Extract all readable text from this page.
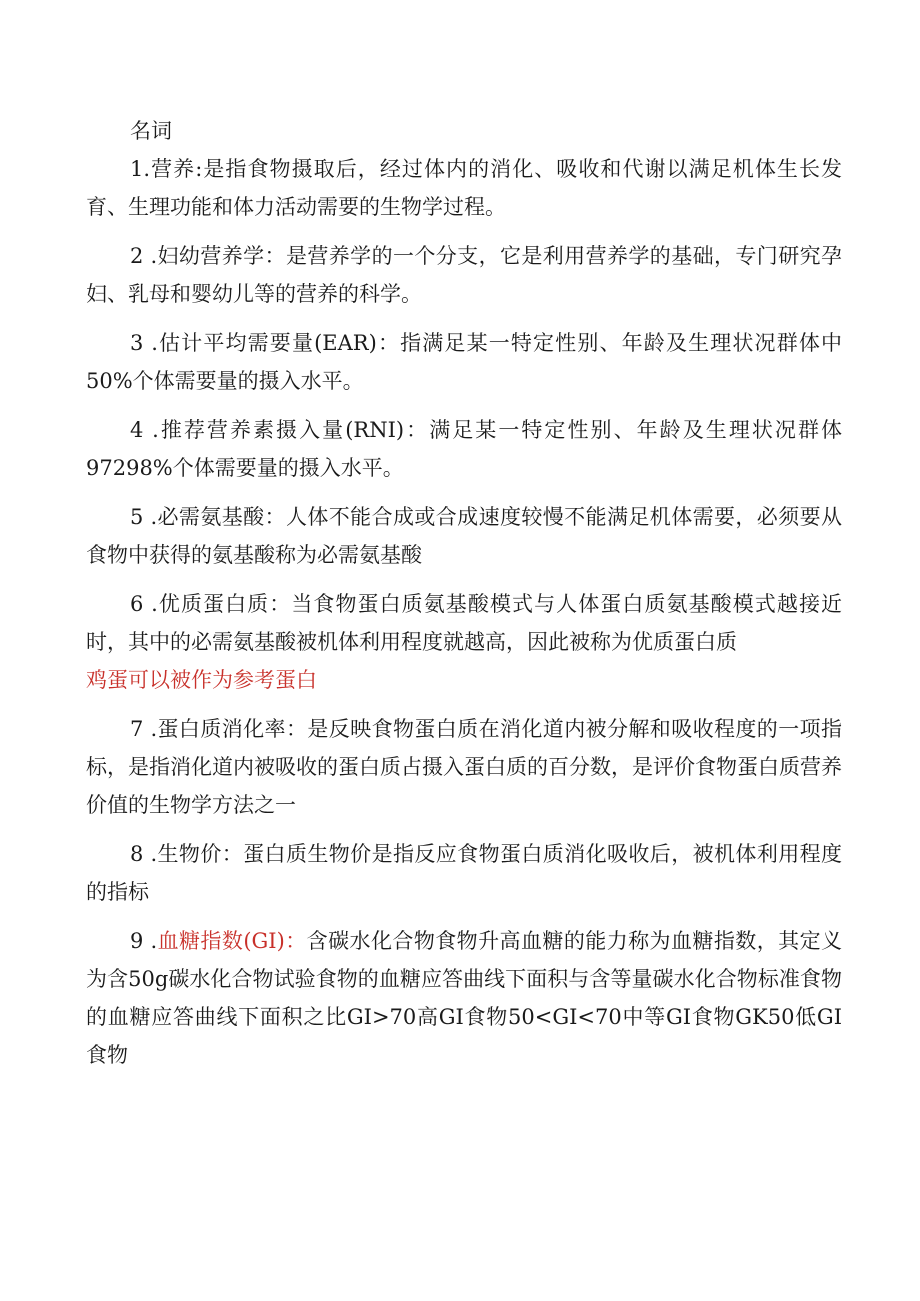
名词

1.营养:是指食物摄取后，经过体内的消化、吸收和代谢以满足机体生长发育、生理功能和体力活动需要的生物学过程。

2 .妇幼营养学：是营养学的一个分支，它是利用营养学的基础，专门研究孕妇、乳母和婴幼儿等的营养的科学。

3 .估计平均需要量(EAR)：指满足某一特定性别、年龄及生理状况群体中50%个体需要量的摄入水平。

4 .推荐营养素摄入量(RNI)：满足某一特定性别、年龄及生理状况群体97298%个体需要量的摄入水平。

5 .必需氨基酸：人体不能合成或合成速度较慢不能满足机体需要，必须要从食物中获得的氨基酸称为必需氨基酸

6 .优质蛋白质：当食物蛋白质氨基酸模式与人体蛋白质氨基酸模式越接近时，其中的必需氨基酸被机体利用程度就越高，因此被称为优质蛋白质
鸡蛋可以被作为参考蛋白

7 .蛋白质消化率：是反映食物蛋白质在消化道内被分解和吸收程度的一项指标，是指消化道内被吸收的蛋白质占摄入蛋白质的百分数，是评价食物蛋白质营养价值的生物学方法之一

8 .生物价：蛋白质生物价是指反应食物蛋白质消化吸收后，被机体利用程度的指标

9 .血糖指数(GI)：含碳水化合物食物升高血糖的能力称为血糖指数，其定义为含50g碳水化合物试验食物的血糖应答曲线下面积与含等量碳水化合物标准食物的血糖应答曲线下面积之比GI>70高GI食物50<GI<70中等GI食物GK50低GI食物
